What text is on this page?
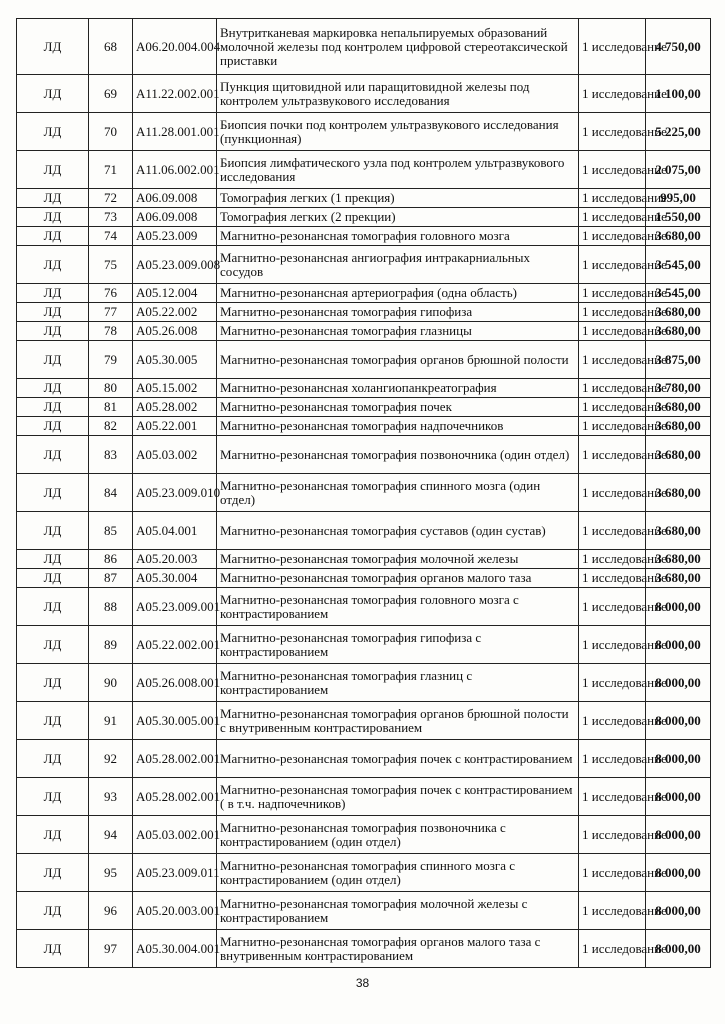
ЛД	68	A06.20.004.004	Внутритканевая маркировка непальпируемых образований молочной железы под контролем цифровой стереотаксической приставки	1 исследование	4 750,00
ЛД	69	A11.22.002.001	Пункция щитовидной или паращитовидной железы под контролем ультразвукового исследования	1 исследование	1 100,00
ЛД	70	A11.28.001.001	Биопсия почки под контролем ультразвукового исследования (пункционная)	1 исследование	5 225,00
ЛД	71	A11.06.002.001	Биопсия лимфатического узла под контролем ультразвукового исследования	1 исследование	2 075,00
ЛД	72	A06.09.008	Томография легких (1 прекция)	1 исследование	995,00
ЛД	73	A06.09.008	Томография легких (2 прекции)	1 исследование	1 550,00
ЛД	74	A05.23.009	Магнитно-резонансная томография головного мозга	1 исследование	3 680,00
ЛД	75	A05.23.009.008	Магнитно-резонансная ангиография интракарниальных сосудов	1 исследование	3 545,00
ЛД	76	A05.12.004	Магнитно-резонансная артериография (одна область)	1 исследование	3 545,00
ЛД	77	A05.22.002	Магнитно-резонансная томография гипофиза	1 исследование	3 680,00
ЛД	78	A05.26.008	Магнитно-резонансная томография глазницы	1 исследование	3 680,00
ЛД	79	A05.30.005	Магнитно-резонансная томография органов брюшной полости	1 исследование	3 875,00
ЛД	80	A05.15.002	Магнитно-резонансная холангиопанкреатография	1 исследование	3 780,00
ЛД	81	A05.28.002	Магнитно-резонансная томография почек	1 исследование	3 680,00
ЛД	82	A05.22.001	Магнитно-резонансная томография надпочечников	1 исследование	3 680,00
ЛД	83	A05.03.002	Магнитно-резонансная томография позвоночника (один отдел)	1 исследование	3 680,00
ЛД	84	A05.23.009.010	Магнитно-резонансная томография спинного мозга (один отдел)	1 исследование	3 680,00
ЛД	85	A05.04.001	Магнитно-резонансная томография суставов (один сустав)	1 исследование	3 680,00
ЛД	86	A05.20.003	Магнитно-резонансная томография молочной железы	1 исследование	3 680,00
ЛД	87	A05.30.004	Магнитно-резонансная томография органов малого таза	1 исследование	3 680,00
ЛД	88	A05.23.009.001	Магнитно-резонансная томография головного мозга с контрастированием	1 исследование	8 000,00
ЛД	89	A05.22.002.001	Магнитно-резонансная томография гипофиза с контрастированием	1 исследование	8 000,00
ЛД	90	A05.26.008.001	Магнитно-резонансная томография глазниц с контрастированием	1 исследование	8 000,00
ЛД	91	A05.30.005.001	Магнитно-резонансная томография органов брюшной полости с внутривенным контрастированием	1 исследование	8 000,00
ЛД	92	A05.28.002.001	Магнитно-резонансная томография почек с контрастированием	1 исследование	8 000,00
ЛД	93	A05.28.002.001	Магнитно-резонансная томография почек с контрастированием ( в т.ч. надпочечников)	1 исследование	8 000,00
ЛД	94	A05.03.002.001	Магнитно-резонансная томография позвоночника с контрастированием (один отдел)	1 исследование	8 000,00
ЛД	95	A05.23.009.011	Магнитно-резонансная томография спинного мозга с контрастированием (один отдел)	1 исследование	8 000,00
ЛД	96	A05.20.003.001	Магнитно-резонансная томография молочной железы с контрастированием	1 исследование	8 000,00
ЛД	97	A05.30.004.001	Магнитно-резонансная томография органов малого таза с внутривенным контрастированием	1 исследование	8 000,00
38
